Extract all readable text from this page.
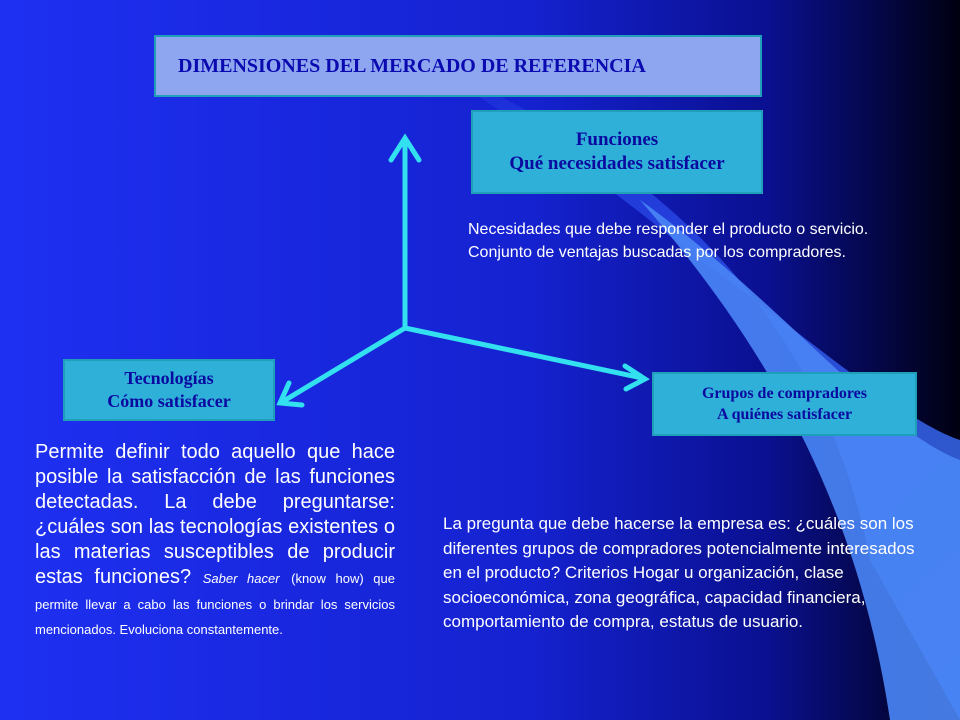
DIMENSIONES DEL MERCADO DE REFERENCIA
Funciones
Qué necesidades satisfacer
Tecnologías
Cómo satisfacer	Grupos de compradores
A quiénes satisfacer
Necesidades que debe responder el producto o servicio. Conjunto de ventajas buscadas por los compradores.
Permite definir todo aquello que hace posible la satisfacción de las funciones detectadas. La debe preguntarse: ¿cuáles son las tecnologías existentes o las materias susceptibles de producir estas funciones? Saber hacer (know how) que permite llevar a cabo las funciones o brindar los servicios mencionados. Evoluciona constantemente.
La pregunta que debe hacerse la empresa es: ¿cuáles son los diferentes grupos de compradores potencialmente interesados en el producto? Criterios Hogar u organización, clase socioeconómica, zona geográfica, capacidad financiera, comportamiento de compra, estatus de usuario.
